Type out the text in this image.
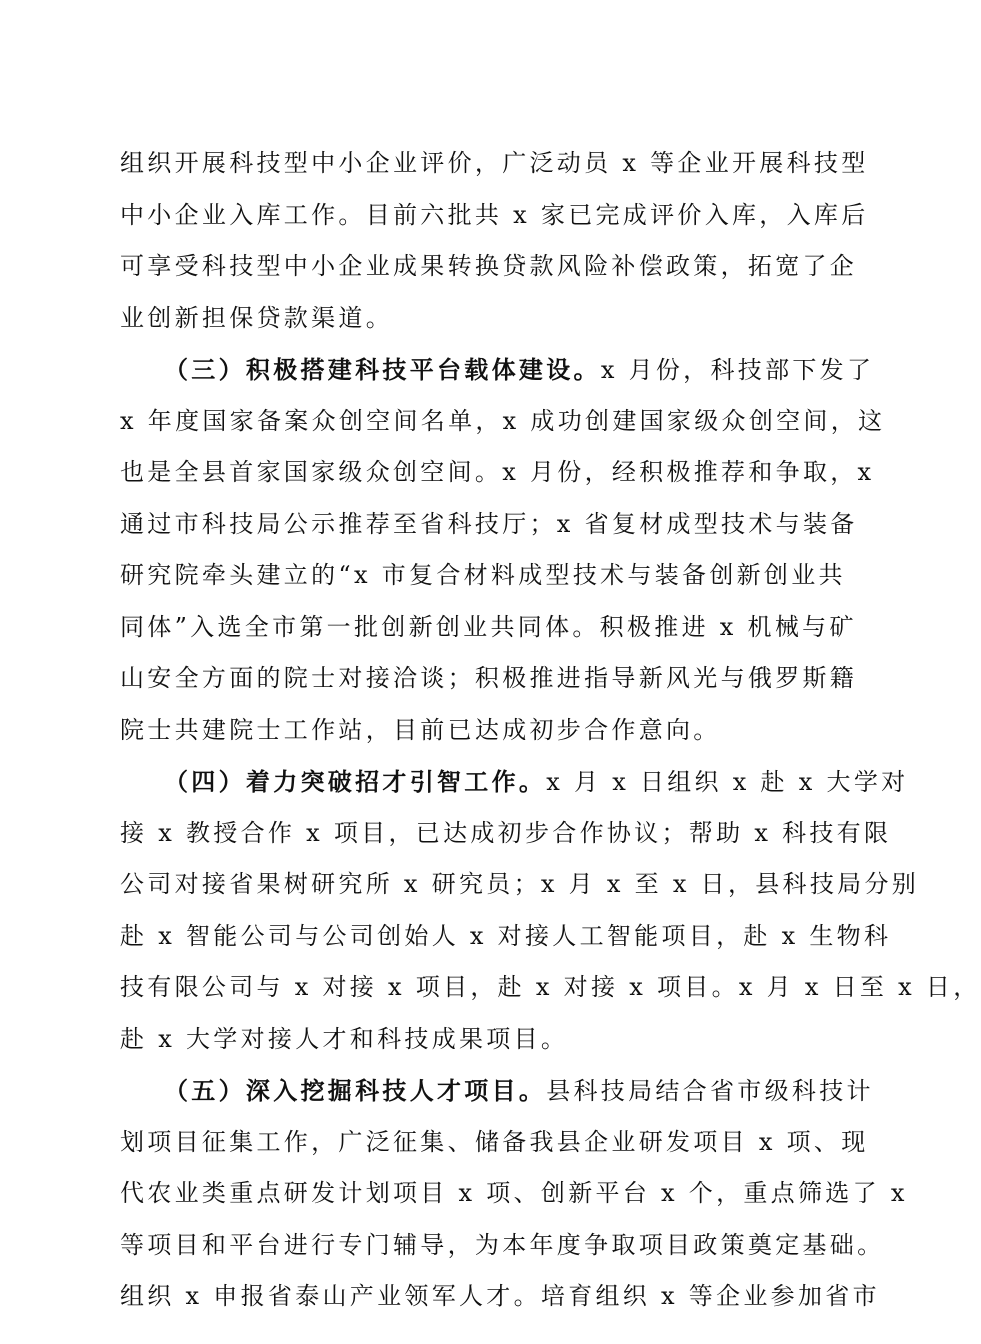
组织开展科技型中小企业评价，广泛动员 x 等企业开展科技型
中小企业入库工作。目前六批共 x 家已完成评价入库，入库后
可享受科技型中小企业成果转换贷款风险补偿政策，拓宽了企
业创新担保贷款渠道。
（三）积极搭建科技平台载体建设。x 月份，科技部下发了
x 年度国家备案众创空间名单，x 成功创建国家级众创空间，这
也是全县首家国家级众创空间。x 月份，经积极推荐和争取，x
通过市科技局公示推荐至省科技厅；x 省复材成型技术与装备
研究院牵头建立的“x 市复合材料成型技术与装备创新创业共
同体”入选全市第一批创新创业共同体。积极推进 x 机械与矿
山安全方面的院士对接洽谈；积极推进指导新风光与俄罗斯籍
院士共建院士工作站，目前已达成初步合作意向。
（四）着力突破招才引智工作。x 月 x 日组织 x 赴 x 大学对
接 x 教授合作 x 项目，已达成初步合作协议；帮助 x 科技有限
公司对接省果树研究所 x 研究员；x 月 x 至 x 日，县科技局分别
赴 x 智能公司与公司创始人 x 对接人工智能项目，赴 x 生物科
技有限公司与 x 对接 x 项目，赴 x 对接 x 项目。x 月 x 日至 x 日，
赴 x 大学对接人才和科技成果项目。
（五）深入挖掘科技人才项目。县科技局结合省市级科技计
划项目征集工作，广泛征集、储备我县企业研发项目 x 项、现
代农业类重点研发计划项目 x 项、创新平台 x 个，重点筛选了 x
等项目和平台进行专门辅导，为本年度争取项目政策奠定基础。
组织 x 申报省泰山产业领军人才。培育组织 x 等企业参加省市
